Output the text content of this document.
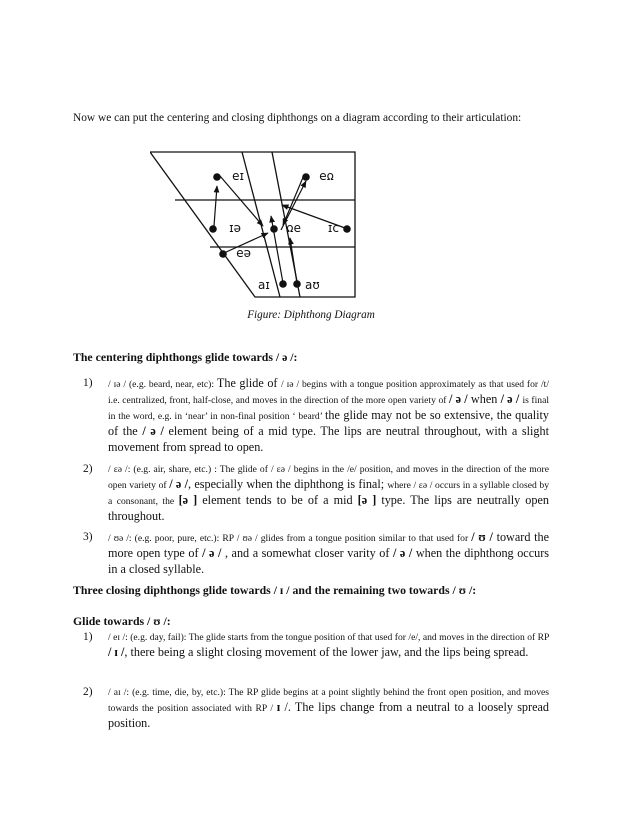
Now we can put the centering and closing diphthongs on a diagram according to their articulation:

ɪə	ʊə
eɪ	əʊ ɔɪ
eə
aɪ	aʊ

Figure: Diphthong Diagram

The centering diphthongs glide towards / ə /:

1) / ɪə / (e.g. beard, near, etc): The glide of / ɪə / begins with a tongue position approximately as that used for /t/ i.e. centralized, front, half-close, and moves in the direction of the more open variety of / ə / when / ə / is final in the word, e.g. in ‘near’ in non-final position ‘ beard’ the glide may not be so extensive, the quality of the / ə / element being of a mid type. The lips are neutral throughout, with a slight movement from spread to open.
2) / ɛə /: (e.g. air, share, etc.) : The glide of / ɛə / begins in the /e/ position, and moves in the direction of the more open variety of / ə /, especially when the diphthong is final; where / ɛə / occurs in a syllable closed by a consonant, the [ə ] element tends to be of a mid [ə ] type. The lips are neutrally open throughout.
3) / ʊə /: (e.g. poor, pure, etc.): RP / ʊə / glides from a tongue position similar to that used for / ʊ / toward the more open type of / ə / , and a somewhat closer varity of / ə / when the diphthong occurs in a closed syllable.

Three closing diphthongs glide towards / ɪ / and the remaining two towards / ʊ /:

Glide towards / ʊ /:

1) / eɪ /: (e.g. day, fail): The glide starts from the tongue position of that used for /e/, and moves in the direction of RP / ɪ /, there being a slight closing movement of the lower jaw, and the lips being spread.
2) / aɪ /: (e.g. time, die, by, etc.): The RP glide begins at a point slightly behind the front open position, and moves towards the position associated with RP / ɪ /. The lips change from a neutral to a loosely spread position.
